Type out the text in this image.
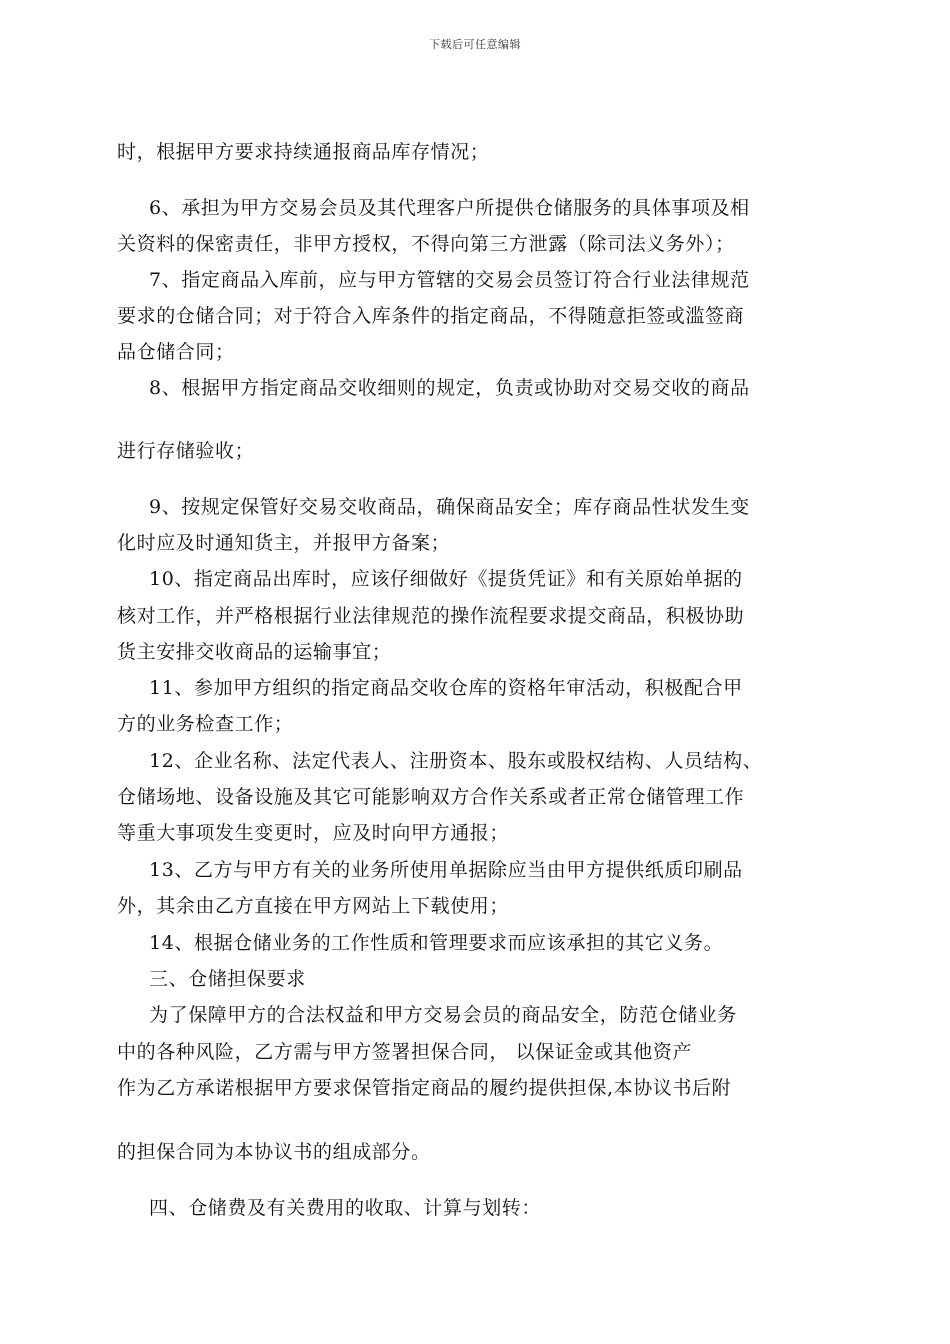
下载后可任意编辑
时，根据甲方要求持续通报商品库存情况；
6、承担为甲方交易会员及其代理客户所提供仓储服务的具体事项及相
关资料的保密责任，非甲方授权，不得向第三方泄露（除司法义务外）；
7、指定商品入库前，应与甲方管辖的交易会员签订符合行业法律规范
要求的仓储合同；对于符合入库条件的指定商品，不得随意拒签或滥签商
品仓储合同；
8、根据甲方指定商品交收细则的规定，负责或协助对交易交收的商品
进行存储验收；
9、按规定保管好交易交收商品，确保商品安全；库存商品性状发生变
化时应及时通知货主，并报甲方备案；
10、指定商品出库时，应该仔细做好《提货凭证》和有关原始单据的
核对工作，并严格根据行业法律规范的操作流程要求提交商品，积极协助
货主安排交收商品的运输事宜；
11、参加甲方组织的指定商品交收仓库的资格年审活动，积极配合甲
方的业务检查工作；
12、企业名称、法定代表人、注册资本、股东或股权结构、人员结构、
仓储场地、设备设施及其它可能影响双方合作关系或者正常仓储管理工作
等重大事项发生变更时，应及时向甲方通报；
13、乙方与甲方有关的业务所使用单据除应当由甲方提供纸质印刷品
外，其余由乙方直接在甲方网站上下载使用；
14、根据仓储业务的工作性质和管理要求而应该承担的其它义务。
三、仓储担保要求
为了保障甲方的合法权益和甲方交易会员的商品安全，防范仓储业务
中的各种风险，乙方需与甲方签署担保合同， 以保证金或其他资产
作为乙方承诺根据甲方要求保管指定商品的履约提供担保,本协议书后附
的担保合同为本协议书的组成部分。
四、仓储费及有关费用的收取、计算与划转：
